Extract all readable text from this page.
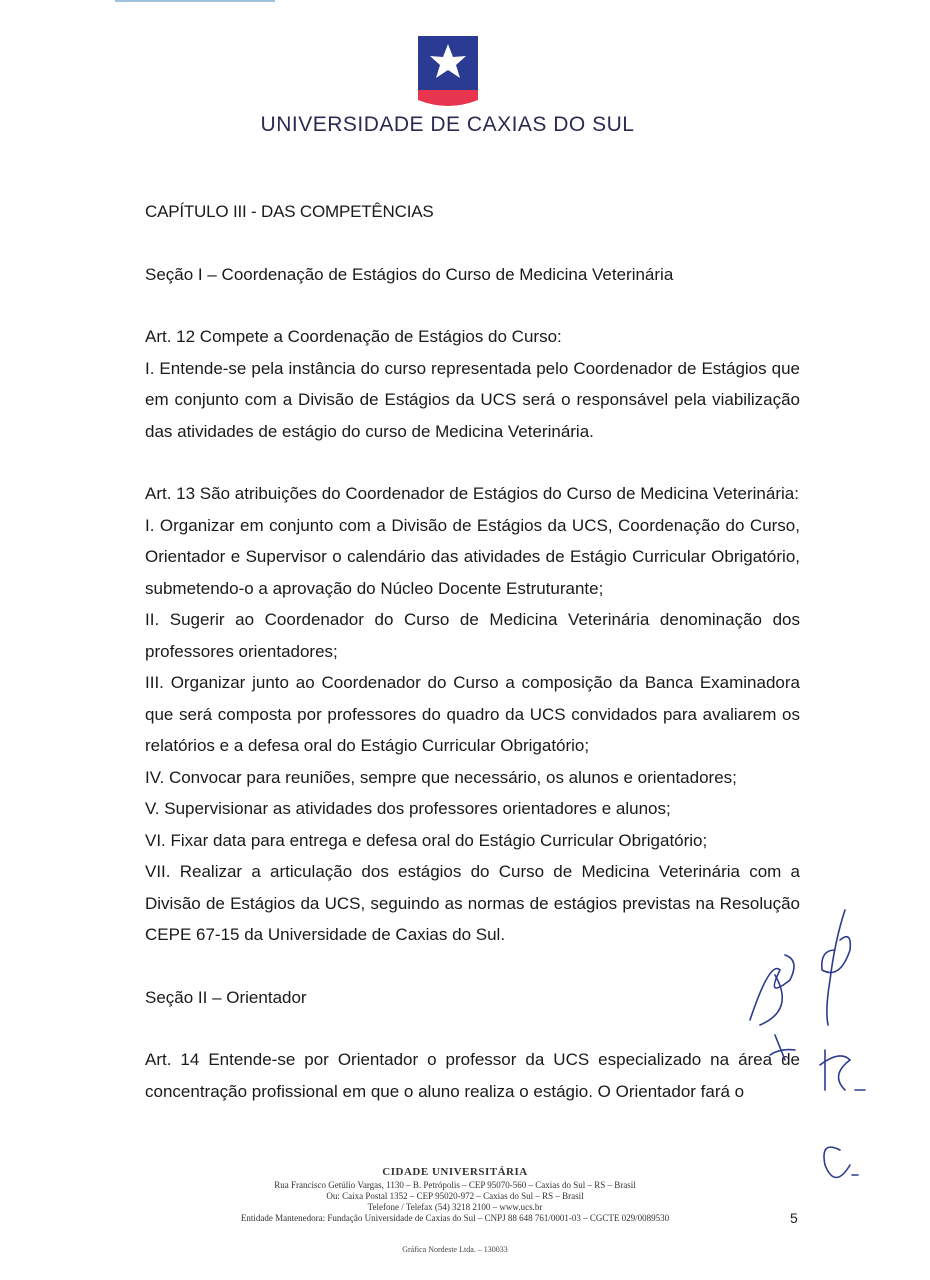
UNIVERSIDADE DE CAXIAS DO SUL

CAPÍTULO III - DAS COMPETÊNCIAS

Seção I – Coordenação de Estágios do Curso de Medicina Veterinária

Art. 12 Compete a Coordenação de Estágios do Curso:

I. Entende-se pela instância do curso representada pelo Coordenador de Estágios que em conjunto com a Divisão de Estágios da UCS será o responsável pela viabilização das atividades de estágio do curso de Medicina Veterinária.

Art. 13 São atribuições do Coordenador de Estágios do Curso de Medicina Veterinária:

I. Organizar em conjunto com a Divisão de Estágios da UCS, Coordenação do Curso, Orientador e Supervisor o calendário das atividades de Estágio Curricular Obrigatório, submetendo-o a aprovação do Núcleo Docente Estruturante;

II. Sugerir ao Coordenador do Curso de Medicina Veterinária denominação dos professores orientadores;

III. Organizar junto ao Coordenador do Curso a composição da Banca Examinadora que será composta por professores do quadro da UCS convidados para avaliarem os relatórios e a defesa oral do Estágio Curricular Obrigatório;

IV. Convocar para reuniões, sempre que necessário, os alunos e orientadores;

V. Supervisionar as atividades dos professores orientadores e alunos;

VI. Fixar data para entrega e defesa oral do Estágio Curricular Obrigatório;

VII. Realizar a articulação dos estágios do Curso de Medicina Veterinária com a Divisão de Estágios da UCS, seguindo as normas de estágios previstas na Resolução CEPE 67-15 da Universidade de Caxias do Sul.

Seção II – Orientador

Art. 14 Entende-se por Orientador o professor da UCS especializado na área de concentração profissional em que o aluno realiza o estágio. O Orientador fará o

CIDADE UNIVERSITÁRIA
Rua Francisco Getúlio Vargas, 1130 – B. Petrópolis – CEP 95070-560 – Caxias do Sul – RS – Brasil
Ou: Caixa Postal 1352 – CEP 95020-972 – Caxias do Sul – RS – Brasil
Telefone / Telefax (54) 3218 2100 – www.ucs.br
Entidade Mantenedora: Fundação Universidade de Caxias do Sul – CNPJ 88 648 761/0001-03 – CGCTE 029/0089530	5
Gráfica Nordeste Ltda. – 130033
